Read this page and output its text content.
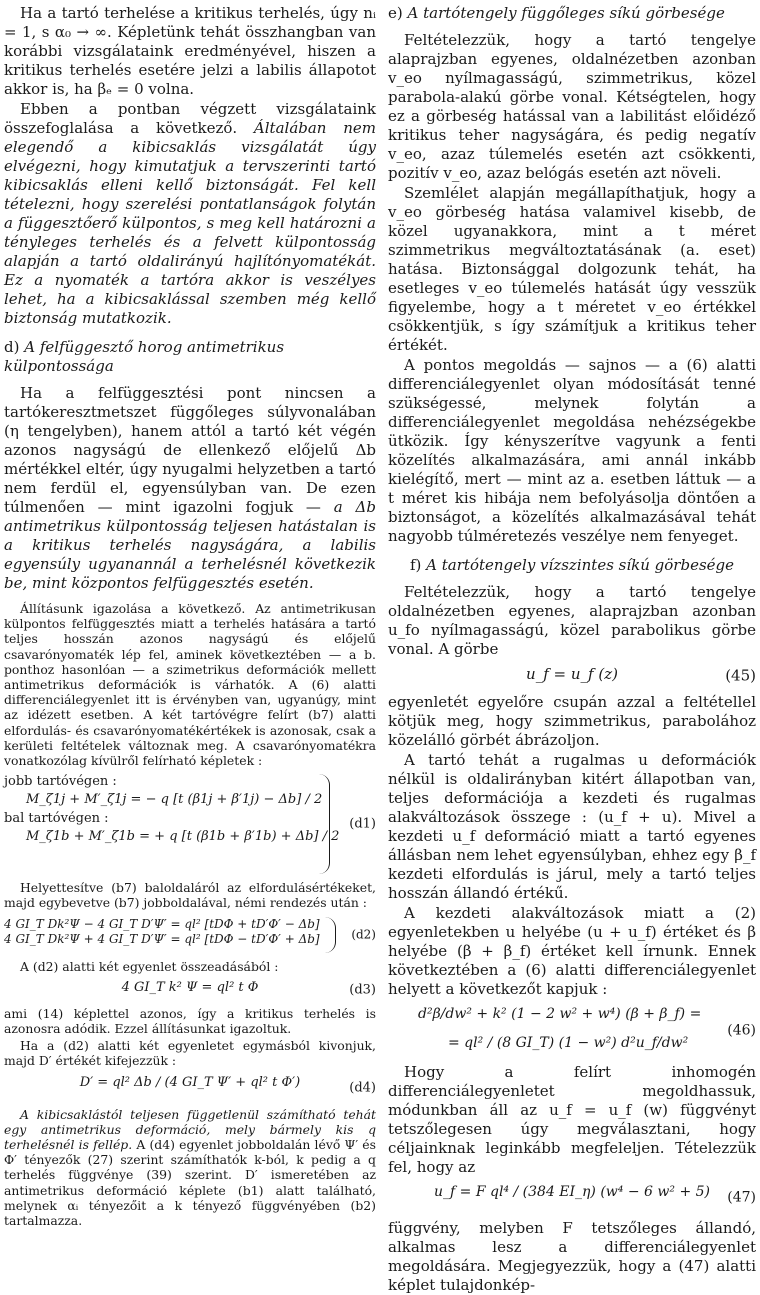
Ha a tartó terhelése a kritikus terhelés, úgy nᵢ = 1, s α₀ → ∞. Képletünk tehát összhangban van korábbi vizsgálataink eredményével, hiszen a kritikus terhelés esetére jelzi a labilis állapotot akkor is, ha βₑ = 0 volna.

Ebben a pontban végzett vizsgálataink összefoglalása a következő. Általában nem elegendő a kibicsaklás vizsgálatát úgy elvégezni, hogy kimutatjuk a tervszerinti tartó kibicsaklás elleni kellő biztonságát. Fel kell tételezni, hogy szerelési pontatlanságok folytán a függesztőerő külpontos, s meg kell határozni a tényleges terhelés és a felvett külpontosság alapján a tartó oldalirányú hajlítónyomatékát. Ez a nyomaték a tartóra akkor is veszélyes lehet, ha a kibicsaklással szemben még kellő biztonság mutatkozik.

d) A felfüggesztő horog antimetrikus külpontossága

Ha a felfüggesztési pont nincsen a tartókeresztmetszet függőleges súlyvonalában (η tengelyben), hanem attól a tartó két végén azonos nagyságú de ellenkező előjelű Δb mértékkel eltér, úgy nyugalmi helyzetben a tartó nem ferdül el, egyensúlyban van. De ezen túlmenően — mint igazolni fogjuk — a Δb antimetrikus külpontosság teljesen hatástalan is a kritikus terhelés nagyságára, a labilis egyensúly ugyanannál a terhelésnél következik be, mint központos felfüggesztés esetén.

Állításunk igazolása a következő. Az antimetrikusan külpontos felfüggesztés miatt a terhelés hatására a tartó teljes hosszán azonos nagyságú és előjelű csavarónyomaték lép fel, aminek következtében — a b. ponthoz hasonlóan — a szimetrikus deformációk mellett antimetrikus deformációk is várhatók. A (6) alatti differenciálegyenlet itt is érvényben van, ugyanúgy, mint az idézett esetben. A két tartóvégre felírt (b7) alatti elfordulás- és csavarónyomatékértékek is azonosak, csak a kerületi feltételek változnak meg. A csavarónyomatékra vonatkozólag kívülről felírható képletek :

jobb tartóvégen :
M_ζ1j + M′_ζ1j = − q [t (β1j + β′1j) − Δb] / 2
bal tartóvégen :
M_ζ1b + M′_ζ1b = + q [t (β1b + β′1b) + Δb] / 2
(d1)

Helyettesítve (b7) baloldaláról az elfordulásértékeket, majd egybevetve (b7) jobboldalával, némi rendezés után :

4 GI_T Dk²Ψ − 4 GI_T D′Ψ′ = ql² [tDΦ + tD′Φ′ − Δb]
4 GI_T Dk²Ψ + 4 GI_T D′Ψ′ = ql² [tDΦ − tD′Φ′ + Δb]	(d2)

A (d2) alatti két egyenlet összeadásából :

4 GI_T k² Ψ = ql² t Φ	(d3)

ami (14) képlettel azonos, így a kritikus terhelés is azonosra adódik. Ezzel állításunkat igazoltuk.

Ha a (d2) alatti két egyenletet egymásból kivonjuk, majd D′ értékét kifejezzük :

D′ = ql² Δb / (4 GI_T Ψ′ + ql² t Φ′)	(d4)

A kibicsaklástól teljesen függetlenül számítható tehát egy antimetrikus deformáció, mely bármely kis q terhelésnél is fellép. A (d4) egyenlet jobboldalán lévő Ψ′ és Φ′ tényezők (27) szerint számíthatók k-ból, k pedig a q terhelés függvénye (39) szerint. D′ ismeretében az antimetrikus deformáció képlete (b1) alatt található, melynek αᵢ tényezőit a k tényező függvényében (b2) tartalmazza.

e) A tartótengely függőleges síkú görbesége

Feltételezzük, hogy a tartó tengelye alaprajzban egyenes, oldalnézetben azonban v_eo nyílmagasságú, szimmetrikus, közel parabola-alakú görbe vonal. Kétségtelen, hogy ez a görbeség hatással van a labilitást előidéző kritikus teher nagyságára, és pedig negatív v_eo, azaz túlemelés esetén azt csökkenti, pozitív v_eo, azaz belógás esetén azt növeli.

Szemlélet alapján megállapíthatjuk, hogy a v_eo görbeség hatása valamivel kisebb, de közel ugyanakkora, mint a t méret szimmetrikus megváltoztatásának (a. eset) hatása. Biztonsággal dolgozunk tehát, ha esetleges v_eo túlemelés hatását úgy vesszük figyelembe, hogy a t méretet v_eo értékkel csökkentjük, s így számítjuk a kritikus teher értékét.

A pontos megoldás — sajnos — a (6) alatti differenciálegyenlet olyan módosítását tenné szükségessé, melynek folytán a differenciálegyenlet megoldása nehézségekbe ütközik. Így kényszerítve vagyunk a fenti közelítés alkalmazására, ami annál inkább kielégítő, mert — mint az a. esetben láttuk — a t méret kis hibája nem befolyásolja döntően a biztonságot, a közelítés alkalmazásával tehát nagyobb túlméretezés veszélye nem fenyeget.

f) A tartótengely vízszintes síkú görbesége

Feltételezzük, hogy a tartó tengelye oldalnézetben egyenes, alaprajzban azonban u_fo nyílmagasságú, közel parabolikus görbe vonal. A görbe

u_f = u_f (z)	(45)

egyenletét egyelőre csupán azzal a feltétellel kötjük meg, hogy szimmetrikus, parabolához közelálló görbét ábrázoljon.

A tartó tehát a rugalmas u deformációk nélkül is oldalirányban kitért állapotban van, teljes deformációja a kezdeti és rugalmas alakváltozások összege : (u_f + u). Mivel a kezdeti u_f deformáció miatt a tartó egyenes állásban nem lehet egyensúlyban, ehhez egy β_f kezdeti elfordulás is járul, mely a tartó teljes hosszán állandó értékű.

A kezdeti alakváltozások miatt a (2) egyenletekben u helyébe (u + u_f) értéket és β helyébe (β + β_f) értéket kell írnunk. Ennek következtében a (6) alatti differenciálegyenlet helyett a következőt kapjuk :

d²β/dw² + k² (1 − 2 w² + w⁴) (β + β_f) =
= ql² / (8 GI_T) (1 − w²) d²u_f/dw²
(46)

Hogy a felírt inhomogén differenciálegyenletet megoldhassuk, módunkban áll az u_f = u_f (w) függvényt tetszőlegesen úgy megválasztani, hogy céljainknak leginkább megfeleljen. Tételezzük fel, hogy az

u_f = F ql⁴ / (384 EI_η) (w⁴ − 6 w² + 5) (47)

függvény, melyben F tetszőleges állandó, alkalmas lesz a differenciálegyenlet megoldására. Megjegyezzük, hogy a (47) alatti képlet tulajdonkép-
